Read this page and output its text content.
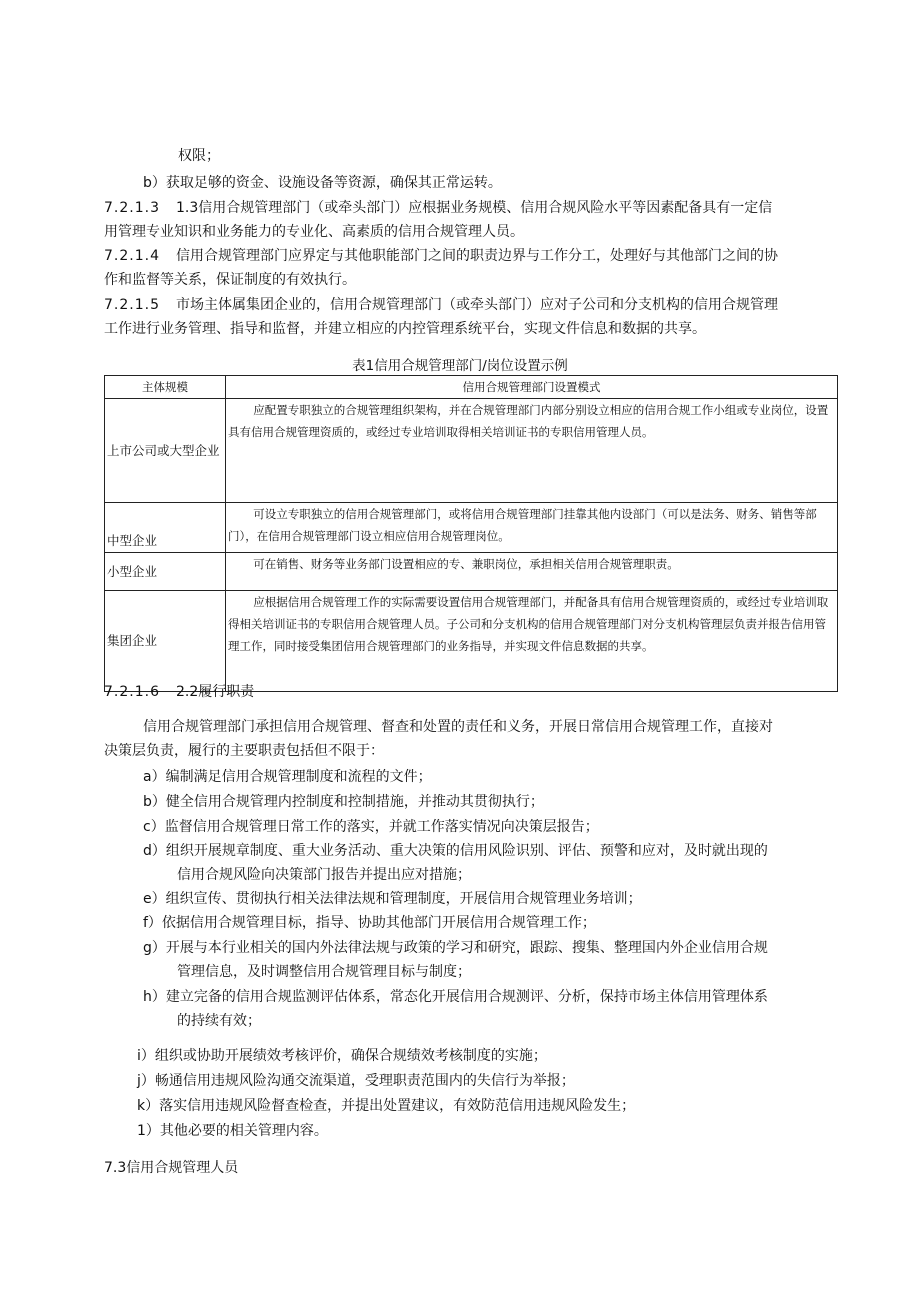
权限；
b）获取足够的资金、设施设备等资源，确保其正常运转。
7.2.1.3 1.3信用合规管理部门（或牵头部门）应根据业务规模、信用合规风险水平等因素配备具有一定信
用管理专业知识和业务能力的专业化、高素质的信用合规管理人员。
7.2.1.4 信用合规管理部门应界定与其他职能部门之间的职责边界与工作分工，处理好与其他部门之间的协
作和监督等关系，保证制度的有效执行。
7.2.1.5 市场主体属集团企业的，信用合规管理部门（或牵头部门）应对子公司和分支机构的信用合规管理
工作进行业务管理、指导和监督，并建立相应的内控管理系统平台，实现文件信息和数据的共享。
表1信用合规管理部门/岗位设置示例
主体规模	信用合规管理部门设置模式
上市公司或大型企业	应配置专职独立的合规管理组织架构，并在合规管理部门内部分别设立相应的信用合规工作小组或专业岗位，设置具有信用合规管理资质的，或经过专业培训取得相关培训证书的专职信用管理人员。
中型企业	可设立专职独立的信用合规管理部门，或将信用合规管理部门挂靠其他内设部门（可以是法务、财务、销售等部门），在信用合规管理部门设立相应信用合规管理岗位。
小型企业	可在销售、财务等业务部门设置相应的专、兼职岗位，承担相关信用合规管理职责。
集团企业	应根据信用合规管理工作的实际需要设置信用合规管理部门，并配备具有信用合规管理资质的，或经过专业培训取得相关培训证书的专职信用合规管理人员。子公司和分支机构的信用合规管理部门对分支机构管理层负责并报告信用管理工作，同时接受集团信用合规管理部门的业务指导，并实现文件信息数据的共享。
7.2.1.6 2.2履行职责
信用合规管理部门承担信用合规管理、督查和处置的责任和义务，开展日常信用合规管理工作，直接对
决策层负责，履行的主要职责包括但不限于：
a）编制满足信用合规管理制度和流程的文件；
b）健全信用合规管理内控制度和控制措施，并推动其贯彻执行；
c）监督信用合规管理日常工作的落实，并就工作落实情况向决策层报告；
d）组织开展规章制度、重大业务活动、重大决策的信用风险识别、评估、预警和应对，及时就出现的
信用合规风险向决策部门报告并提出应对措施；
e）组织宣传、贯彻执行相关法律法规和管理制度，开展信用合规管理业务培训；
f）依据信用合规管理目标，指导、协助其他部门开展信用合规管理工作；
g）开展与本行业相关的国内外法律法规与政策的学习和研究，跟踪、搜集、整理国内外企业信用合规
管理信息，及时调整信用合规管理目标与制度；
h）建立完备的信用合规监测评估体系，常态化开展信用合规测评、分析，保持市场主体信用管理体系
的持续有效；
i）组织或协助开展绩效考核评价，确保合规绩效考核制度的实施；
j）畅通信用违规风险沟通交流渠道，受理职责范围内的失信行为举报；
k）落实信用违规风险督查检查，并提出处置建议，有效防范信用违规风险发生；
1）其他必要的相关管理内容。
7.3信用合规管理人员
